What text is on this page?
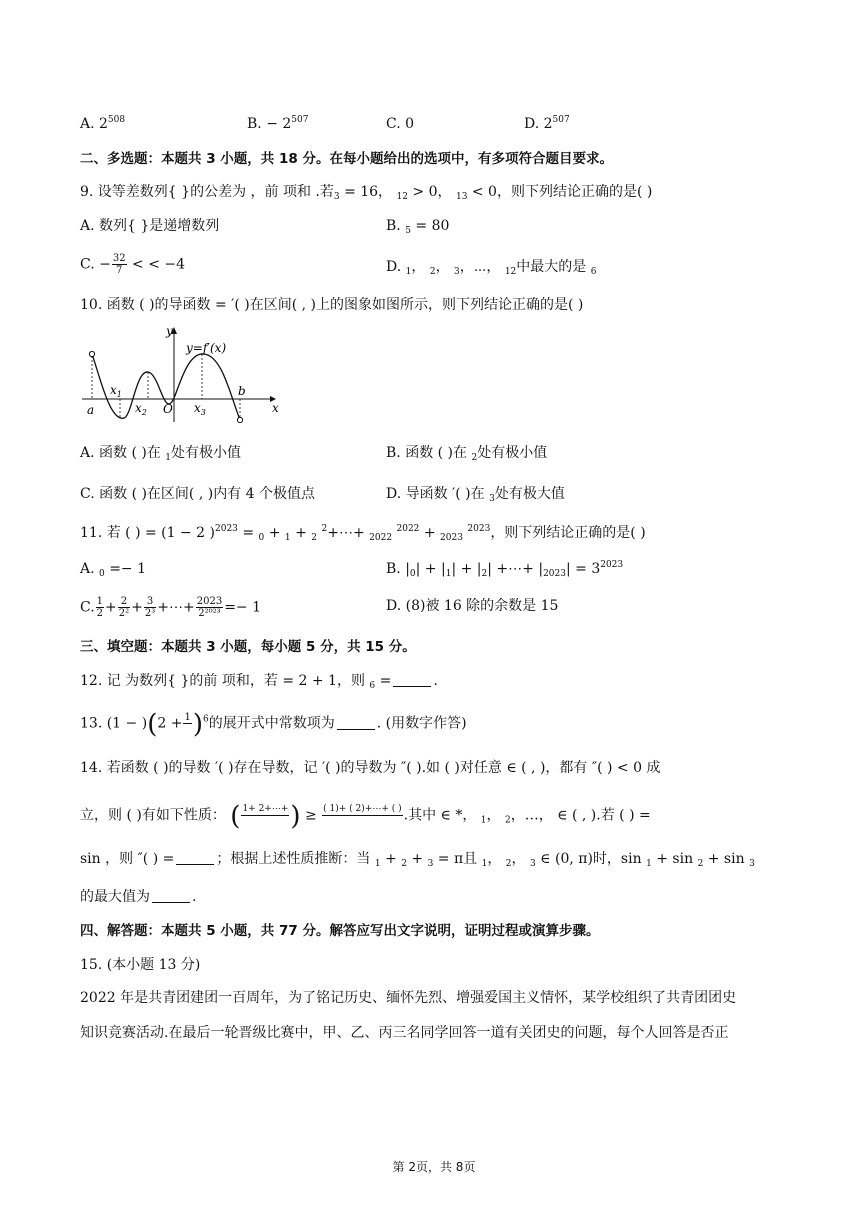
A. $2^{508}$	B. − $2^{507}$	C. 0	D. $2^{507}$
二、多选题：本题共 3 小题，共 18 分。在每小题给出的选项中，有多项符合题目要求。
9. 设等差数列{ }的公差为 ，前 项和 .若$_3$ = 16， $_{12}$ > 0， $_{13}$ < 0，则下列结论正确的是( )
A. 数列{ }是递增数列	B. $_5$ = 80
C. − $\frac{32}{7}$ < < −4	D. $_1$， $_2$， $_3$，⋯， $_{12}$中最大的是 $_6$
10. 函数 ( )的导函数 = ′( )在区间( , )上的图象如图所示，则下列结论正确的是( )
y
x
y=f′(x)
a
b
O
$x_1$
$x_2$	$x_3$
A. 函数 ( )在 $_1$处有极小值	B. 函数 ( )在 $_2$处有极小值
C. 函数 ( )在区间( , )内有 4 个极值点	D. 导函数 ′( )在 $_3$处有极大值
11. 若 ( ) = (1 − 2 )$^{2023}$ = $_0$ + $_1$ + $_2$ $^2$+⋯+ $_{2022}$ $^{2022}$ + $_{2023}$ $^{2023}$，则下列结论正确的是( )
A. $_0$ =− 1	B. $|_0| + |_1| + |_2|$ +⋯+ $|_{2023}| = 3^{2023}$
C. $\frac{1}{2} + \frac{2}{\text{2²}} + \frac{3}{\text{2³}}$ +⋯+ $\frac{2023}{\text{2²⁰²³}} =- 1$	D. (8)被 16 除的余数是 15
三、填空题：本题共 3 小题，每小题 5 分，共 15 分。
12. 记 为数列{ }的前 项和，若 = 2 + 1，则 $_6$ =	.
13. (1 − )(2 + 1
)$^6$的展开式中常数项为	. (用数字作答)
14. 若函数 ( )的导数 ′( )存在导数，记 ′( )的导数为 ″( ).如 ( )对任意 ∈ ( , )，都有 ″( ) < 0 成
立，则 ( )有如下性质： ( 1+ 2+⋯+
) ≥ ( 1)+ ( 2)+⋯+ ( )
.其中 ∈ *， $_1$， $_2$，…， ∈ ( , ).若 ( ) =
sin ，则 ″( ) =	；根据上述性质推断：当 $_1$ + $_2$ + $_3$ = π且 $_1$， $_2$， $_3$ ∈ (0, π)时，sin $_1$ + sin $_2$ + sin $_3$
的最大值为	.
四、解答题：本题共 5 小题，共 77 分。解答应写出文字说明，证明过程或演算步骤。
15. (本小题 13 分)
2022 年是共青团建团一百周年，为了铭记历史、缅怀先烈、增强爱国主义情怀，某学校组织了共青团团史
知识竞赛活动.在最后一轮晋级比赛中，甲、乙、丙三名同学回答一道有关团史的问题，每个人回答是否正
第 2页，共 8页
